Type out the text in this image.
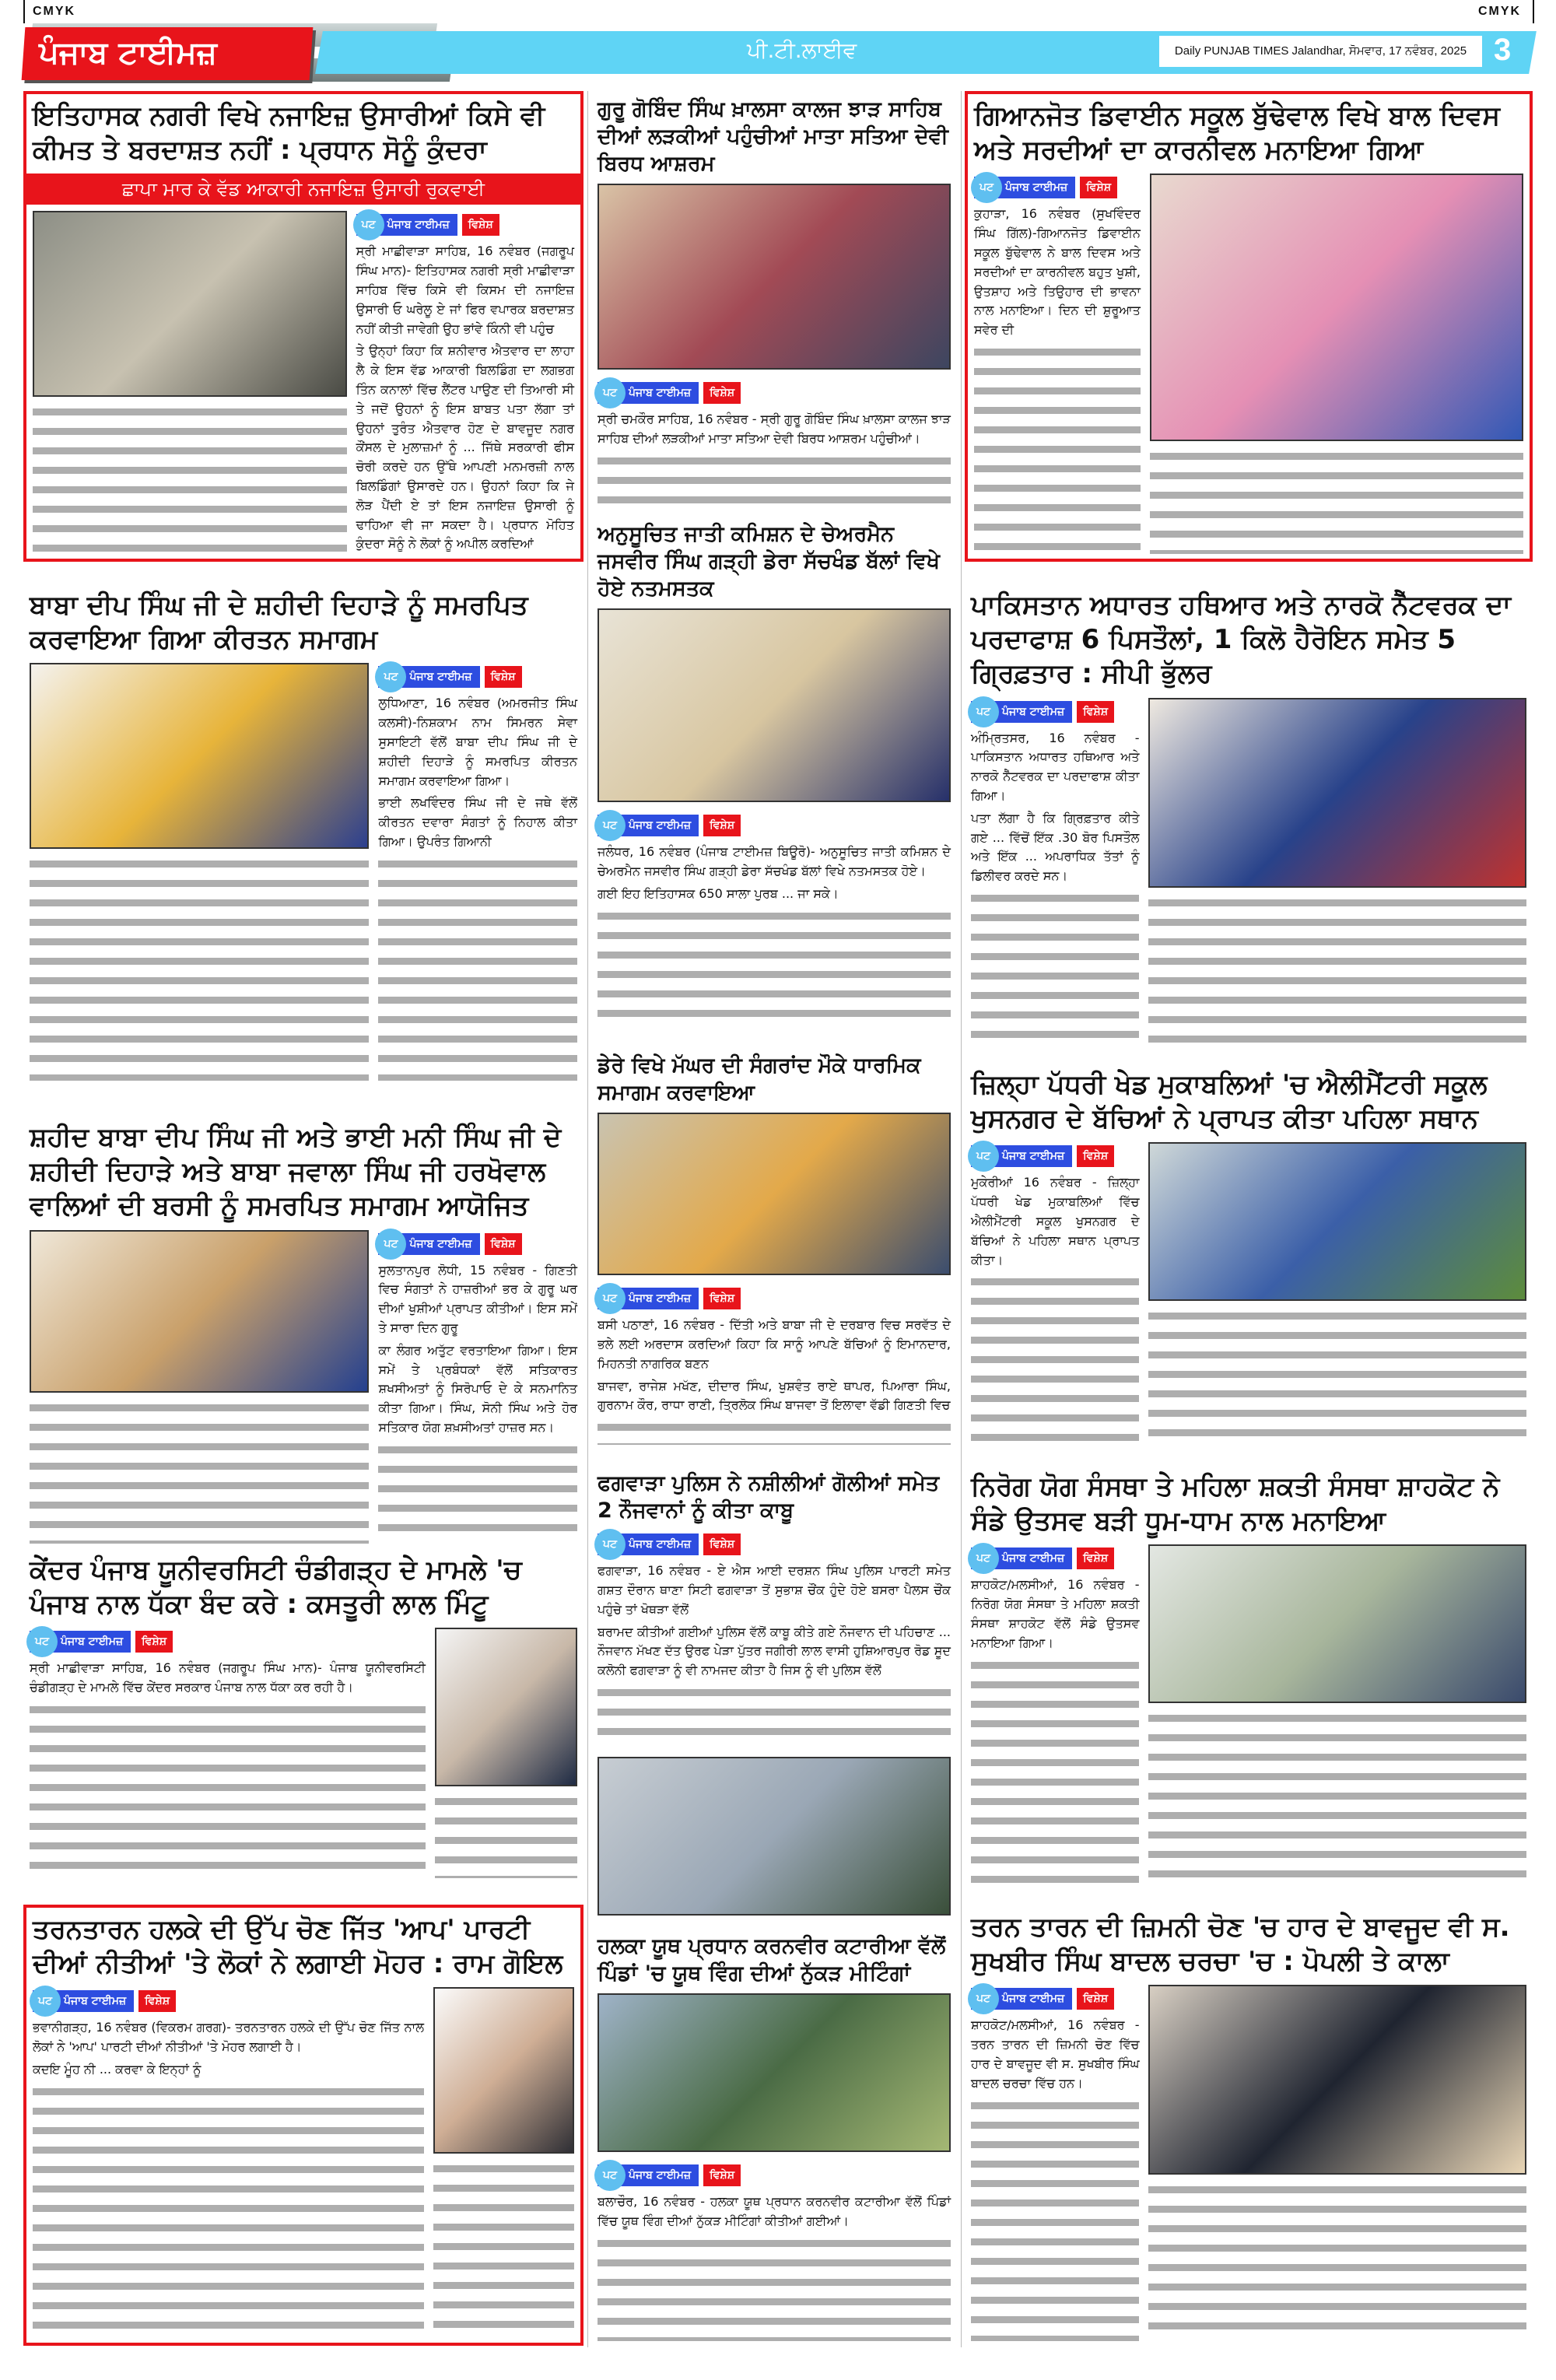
CMYK	CMYK
ਪੰਜਾਬ ਟਾਈਮਜ਼	ਪੀ.ਟੀ.ਲਾਈਵ	Daily PUNJAB TIMES Jalandhar, ਸੋਮਵਾਰ, 17 ਨਵੰਬਰ, 2025 3
ਇਤਿਹਾਸਕ ਨਗਰੀ ਵਿਖੇ ਨਜਾਇਜ਼ ਉਸਾਰੀਆਂ ਕਿਸੇ ਵੀ ਕੀਮਤ ਤੇ ਬਰਦਾਸ਼ਤ ਨਹੀਂ : ਪ੍ਰਧਾਨ ਸੋਨੂੰ ਕੁੰਦਰਾ
ਛਾਪਾ ਮਾਰ ਕੇ ਵੱਡ ਆਕਾਰੀ ਨਜਾਇਜ਼ ਉਸਾਰੀ ਰੁਕਵਾਈ
ਪਟ	ਪੰਜਾਬ ਟਾਈਮਜ਼	ਵਿਸ਼ੇਸ਼

ਸ੍ਰੀ ਮਾਛੀਵਾੜਾ ਸਾਹਿਬ, 16 ਨਵੰਬਰ (ਜਗਰੂਪ ਸਿੰਘ ਮਾਨ)- ਇਤਿਹਾਸਕ ਨਗਰੀ ਸ੍ਰੀ ਮਾਛੀਵਾੜਾ ਸਾਹਿਬ ਵਿੱਚ ਕਿਸੇ ਵੀ ਕਿਸਮ ਦੀ ਨਜਾਇਜ਼ ਉਸਾਰੀ ਓ ਘਰੇਲੂ ਏ ਜਾਂ ਫਿਰ ਵਪਾਰਕ ਬਰਦਾਸ਼ਤ ਨਹੀਂ ਕੀਤੀ ਜਾਵੇਗੀ ਉਹ ਭਾਂਵੇ ਕਿੰਨੀ ਵੀ ਪਹੁੰਚ

ਤੇ ਉਨ੍ਹਾਂ ਕਿਹਾ ਕਿ ਸ਼ਨੀਵਾਰ ਐਤਵਾਰ ਦਾ ਲਾਹਾ ਲੈ ਕੇ ਇਸ ਵੱਡ ਆਕਾਰੀ ਬਿਲਡਿੰਗ ਦਾ ਲਗਭਗ ਤਿੰਨ ਕਨਾਲਾਂ ਵਿੱਚ ਲੈਂਟਰ ਪਾਉਣ ਦੀ ਤਿਆਰੀ ਸੀ ਤੇ ਜਦੋਂ ਉਹਨਾਂ ਨੂੰ ਇਸ ਬਾਬਤ ਪਤਾ ਲੱਗਾ ਤਾਂ ਉਹਨਾਂ ਤੁਰੰਤ ਐਤਵਾਰ ਹੋਣ ਦੇ ਬਾਵਜੂਦ ਨਗਰ ਕੌਂਸਲ ਦੇ ਮੁਲਾਜ਼ਮਾਂ ਨੂੰ ... ਜਿੱਥੇ ਸਰਕਾਰੀ ਫੀਸ ਚੋਰੀ ਕਰਦੇ ਹਨ ਉੱਥੇ ਆਪਣੀ ਮਨਮਰਜ਼ੀ ਨਾਲ ਬਿਲਡਿੰਗਾਂ ਉਸਾਰਦੇ ਹਨ। ਉਹਨਾਂ ਕਿਹਾ ਕਿ ਜੇ ਲੋੜ ਪੈਂਦੀ ਏ ਤਾਂ ਇਸ ਨਜਾਇਜ਼ ਉਸਾਰੀ ਨੂੰ ਢਾਹਿਆ ਵੀ ਜਾ ਸਕਦਾ ਹੈ। ਪ੍ਰਧਾਨ ਮੋਹਿਤ ਕੁੰਦਰਾ ਸੋਨੂੰ ਨੇ ਲੋਕਾਂ ਨੂੰ ਅਪੀਲ ਕਰਦਿਆਂ

ਬਾਬਾ ਦੀਪ ਸਿੰਘ ਜੀ ਦੇ ਸ਼ਹੀਦੀ ਦਿਹਾੜੇ ਨੂੰ ਸਮਰਪਿਤ ਕਰਵਾਇਆ ਗਿਆ ਕੀਰਤਨ ਸਮਾਗਮ
ਪਟ	ਪੰਜਾਬ ਟਾਈਮਜ਼	ਵਿਸ਼ੇਸ਼

ਲੁਧਿਆਣਾ, 16 ਨਵੰਬਰ (ਅਮਰਜੀਤ ਸਿੰਘ ਕਲਸੀ)-ਨਿਸ਼ਕਾਮ ਨਾਮ ਸਿਮਰਨ ਸੇਵਾ ਸੁਸਾਇਟੀ ਵੱਲੋਂ ਬਾਬਾ ਦੀਪ ਸਿੰਘ ਜੀ ਦੇ ਸ਼ਹੀਦੀ ਦਿਹਾੜੇ ਨੂੰ ਸਮਰਪਿਤ ਕੀਰਤਨ ਸਮਾਗਮ ਕਰਵਾਇਆ ਗਿਆ।

ਭਾਈ ਲਖਵਿੰਦਰ ਸਿੰਘ ਜੀ ਦੇ ਜਥੇ ਵੱਲੋਂ ਕੀਰਤਨ ਦਵਾਰਾ ਸੰਗਤਾਂ ਨੂੰ ਨਿਹਾਲ ਕੀਤਾ ਗਿਆ। ਉਪਰੰਤ ਗਿਆਨੀ

ਸ਼ਹੀਦ ਬਾਬਾ ਦੀਪ ਸਿੰਘ ਜੀ ਅਤੇ ਭਾਈ ਮਨੀ ਸਿੰਘ ਜੀ ਦੇ ਸ਼ਹੀਦੀ ਦਿਹਾੜੇ ਅਤੇ ਬਾਬਾ ਜਵਾਲਾ ਸਿੰਘ ਜੀ ਹਰਖੋਵਾਲ ਵਾਲਿਆਂ ਦੀ ਬਰਸੀ ਨੂੰ ਸਮਰਪਿਤ ਸਮਾਗਮ ਆਯੋਜਿਤ
ਪਟ	ਪੰਜਾਬ ਟਾਈਮਜ਼	ਵਿਸ਼ੇਸ਼

ਸੁਲਤਾਨਪੁਰ ਲੋਧੀ, 15 ਨਵੰਬਰ - ਗਿਣਤੀ ਵਿਚ ਸੰਗਤਾਂ ਨੇ ਹਾਜ਼ਰੀਆਂ ਭਰ ਕੇ ਗੁਰੂ ਘਰ ਦੀਆਂ ਖੁਸ਼ੀਆਂ ਪ੍ਰਾਪਤ ਕੀਤੀਆਂ। ਇਸ ਸਮੇਂ ਤੇ ਸਾਰਾ ਦਿਨ ਗੁਰੂ

ਕਾ ਲੰਗਰ ਅਤੁੱਟ ਵਰਤਾਇਆ ਗਿਆ। ਇਸ ਸਮੇਂ ਤੇ ਪ੍ਰਬੰਧਕਾਂ ਵੱਲੋਂ ਸਤਿਕਾਰਤ ਸ਼ਖਸੀਅਤਾਂ ਨੂੰ ਸਿਰੋਪਾਓ ਦੇ ਕੇ ਸਨਮਾਨਿਤ ਕੀਤਾ ਗਿਆ। ਸਿੰਘ, ਸੋਨੀ ਸਿੰਘ ਅਤੇ ਹੋਰ ਸਤਿਕਾਰ ਯੋਗ ਸ਼ਖ਼ਸੀਅਤਾਂ ਹਾਜ਼ਰ ਸਨ।

ਕੇਂਦਰ ਪੰਜਾਬ ਯੂਨੀਵਰਸਿਟੀ ਚੰਡੀਗੜ੍ਹ ਦੇ ਮਾਮਲੇ 'ਚ ਪੰਜਾਬ ਨਾਲ ਧੱਕਾ ਬੰਦ ਕਰੇ : ਕਸਤੂਰੀ ਲਾਲ ਮਿੰਟੂ
ਪਟ	ਪੰਜਾਬ ਟਾਈਮਜ਼	ਵਿਸ਼ੇਸ਼

ਸ੍ਰੀ ਮਾਛੀਵਾੜਾ ਸਾਹਿਬ, 16 ਨਵੰਬਰ (ਜਗਰੂਪ ਸਿੰਘ ਮਾਨ)- ਪੰਜਾਬ ਯੂਨੀਵਰਸਿਟੀ ਚੰਡੀਗੜ੍ਹ ਦੇ ਮਾਮਲੇ ਵਿੱਚ ਕੇਂਦਰ ਸਰਕਾਰ ਪੰਜਾਬ ਨਾਲ ਧੱਕਾ ਕਰ ਰਹੀ ਹੈ।

ਤਰਨਤਾਰਨ ਹਲਕੇ ਦੀ ਉੱਪ ਚੋਣ ਜਿੱਤ 'ਆਪ' ਪਾਰਟੀ ਦੀਆਂ ਨੀਤੀਆਂ 'ਤੇ ਲੋਕਾਂ ਨੇ ਲਗਾਈ ਮੋਹਰ : ਰਾਮ ਗੋਇਲ
ਪਟ	ਪੰਜਾਬ ਟਾਈਮਜ਼	ਵਿਸ਼ੇਸ਼

ਭਵਾਨੀਗੜ੍ਹ, 16 ਨਵੰਬਰ (ਵਿਕਰਮ ਗਰਗ)- ਤਰਨਤਾਰਨ ਹਲਕੇ ਦੀ ਉੱਪ ਚੋਣ ਜਿੱਤ ਨਾਲ ਲੋਕਾਂ ਨੇ 'ਆਪ' ਪਾਰਟੀ ਦੀਆਂ ਨੀਤੀਆਂ 'ਤੇ ਮੋਹਰ ਲਗਾਈ ਹੈ।

ਕਦਇ ਮੂੰਹ ਨੀ ... ਕਰਵਾ ਕੇ ਇਨ੍ਹਾਂ ਨੂੰ

ਗੁਰੂ ਗੋਬਿੰਦ ਸਿੰਘ ਖ਼ਾਲਸਾ ਕਾਲਜ ਝਾੜ ਸਾਹਿਬ ਦੀਆਂ ਲੜਕੀਆਂ ਪਹੁੰਚੀਆਂ ਮਾਤਾ ਸਤਿਆ ਦੇਵੀ ਬਿਰਧ ਆਸ਼ਰਮ
ਪਟ	ਪੰਜਾਬ ਟਾਈਮਜ਼	ਵਿਸ਼ੇਸ਼

ਸ੍ਰੀ ਚਮਕੌਰ ਸਾਹਿਬ, 16 ਨਵੰਬਰ - ਸ੍ਰੀ ਗੁਰੂ ਗੋਬਿੰਦ ਸਿੰਘ ਖ਼ਾਲਸਾ ਕਾਲਜ ਝਾੜ ਸਾਹਿਬ ਦੀਆਂ ਲੜਕੀਆਂ ਮਾਤਾ ਸਤਿਆ ਦੇਵੀ ਬਿਰਧ ਆਸ਼ਰਮ ਪਹੁੰਚੀਆਂ।

ਅਨੁਸੂਚਿਤ ਜਾਤੀ ਕਮਿਸ਼ਨ ਦੇ ਚੇਅਰਮੈਨ ਜਸਵੀਰ ਸਿੰਘ ਗੜ੍ਹੀ ਡੇਰਾ ਸੱਚਖੰਡ ਬੱਲਾਂ ਵਿਖੇ ਹੋਏ ਨਤਮਸਤਕ
ਪਟ	ਪੰਜਾਬ ਟਾਈਮਜ਼	ਵਿਸ਼ੇਸ਼

ਜਲੰਧਰ, 16 ਨਵੰਬਰ (ਪੰਜਾਬ ਟਾਈਮਜ਼ ਬਿਊਰੋ)- ਅਨੁਸੂਚਿਤ ਜਾਤੀ ਕਮਿਸ਼ਨ ਦੇ ਚੇਅਰਮੈਨ ਜਸਵੀਰ ਸਿੰਘ ਗੜ੍ਹੀ ਡੇਰਾ ਸੱਚਖੰਡ ਬੱਲਾਂ ਵਿਖੇ ਨਤਮਸਤਕ ਹੋਏ।

ਗਈ ਇਹ ਇਤਿਹਾਸਕ 650 ਸਾਲਾ ਪੁਰਬ ... ਜਾ ਸਕੇ।

ਡੇਰੇ ਵਿਖੇ ਮੱਘਰ ਦੀ ਸੰਗਰਾਂਦ ਮੌਕੇ ਧਾਰਮਿਕ ਸਮਾਗਮ ਕਰਵਾਇਆ
ਪਟ	ਪੰਜਾਬ ਟਾਈਮਜ਼	ਵਿਸ਼ੇਸ਼

ਬਸੀ ਪਠਾਣਾਂ, 16 ਨਵੰਬਰ - ਦਿੱਤੀ ਅਤੇ ਬਾਬਾ ਜੀ ਦੇ ਦਰਬਾਰ ਵਿਚ ਸਰਵੱਤ ਦੇ ਭਲੇ ਲਈ ਅਰਦਾਸ ਕਰਦਿਆਂ ਕਿਹਾ ਕਿ ਸਾਨੂੰ ਆਪਣੇ ਬੱਚਿਆਂ ਨੂੰ ਇਮਾਨਦਾਰ, ਮਿਹਨਤੀ ਨਾਗਰਿਕ ਬਣਨ

ਬਾਜਵਾ, ਰਾਜੇਸ਼ ਮਖੱਣ, ਦੀਦਾਰ ਸਿੰਘ, ਖੁਸ਼ਵੰਤ ਰਾਏ ਥਾਪਰ, ਪਿਆਰਾ ਸਿੰਘ, ਗੁਰਨਾਮ ਕੌਰ, ਰਾਧਾ ਰਾਣੀ, ਤ੍ਰਿਲੋਕ ਸਿੰਘ ਬਾਜਵਾ ਤੋਂ ਇਲਾਵਾ ਵੱਡੀ ਗਿਣਤੀ ਵਿਚ

ਫਗਵਾੜਾ ਪੁਲਿਸ ਨੇ ਨਸ਼ੀਲੀਆਂ ਗੋਲੀਆਂ ਸਮੇਤ 2 ਨੌਜਵਾਨਾਂ ਨੂੰ ਕੀਤਾ ਕਾਬੂ
ਪਟ	ਪੰਜਾਬ ਟਾਈਮਜ਼	ਵਿਸ਼ੇਸ਼

ਫਗਵਾੜਾ, 16 ਨਵੰਬਰ - ਏ ਐਸ ਆਈ ਦਰਸ਼ਨ ਸਿੰਘ ਪੁਲਿਸ ਪਾਰਟੀ ਸਮੇਤ ਗਸ਼ਤ ਦੌਰਾਨ ਥਾਣਾ ਸਿਟੀ ਫਗਵਾੜਾ ਤੋਂ ਸੁਭਾਸ਼ ਚੌਂਕ ਹੁੰਦੇ ਹੋਏ ਬਸਰਾ ਪੈਲਸ ਚੌਂਕ ਪਹੁੰਚੇ ਤਾਂ ਖੋਥੜਾ ਵੱਲੋਂ

ਬਰਾਮਦ ਕੀਤੀਆਂ ਗਈਆਂ ਪੁਲਿਸ ਵੱਲੋਂ ਕਾਬੂ ਕੀਤੇ ਗਏ ਨੌਜਵਾਨ ਦੀ ਪਹਿਚਾਣ ... ਨੌਜਵਾਨ ਮੱਖਣ ਦੱਤ ਉਰਫ ਪੇੜਾ ਪੁੱਤਰ ਜਗੀਰੀ ਲਾਲ ਵਾਸੀ ਹੁਸ਼ਿਆਰਪੁਰ ਰੋਡ ਸੂਦ ਕਲੋਨੀ ਫਗਵਾੜਾ ਨੂੰ ਵੀ ਨਾਮਜਦ ਕੀਤਾ ਹੈ ਜਿਸ ਨੂੰ ਵੀ ਪੁਲਿਸ ਵੱਲੋਂ

ਹਲਕਾ ਯੂਥ ਪ੍ਰਧਾਨ ਕਰਨਵੀਰ ਕਟਾਰੀਆ ਵੱਲੋਂ ਪਿੰਡਾਂ 'ਚ ਯੂਥ ਵਿੰਗ ਦੀਆਂ ਨੁੱਕੜ ਮੀਟਿੰਗਾਂ
ਪਟ	ਪੰਜਾਬ ਟਾਈਮਜ਼	ਵਿਸ਼ੇਸ਼

ਬਲਾਚੌਰ, 16 ਨਵੰਬਰ - ਹਲਕਾ ਯੂਥ ਪ੍ਰਧਾਨ ਕਰਨਵੀਰ ਕਟਾਰੀਆ ਵੱਲੋਂ ਪਿੰਡਾਂ ਵਿੱਚ ਯੂਥ ਵਿੰਗ ਦੀਆਂ ਨੁੱਕੜ ਮੀਟਿੰਗਾਂ ਕੀਤੀਆਂ ਗਈਆਂ।

ਗਿਆਨਜੋਤ ਡਿਵਾਈਨ ਸਕੂਲ ਬੁੱਢੇਵਾਲ ਵਿਖੇ ਬਾਲ ਦਿਵਸ ਅਤੇ ਸਰਦੀਆਂ ਦਾ ਕਾਰਨੀਵਲ ਮਨਾਇਆ ਗਿਆ
ਪਟ	ਪੰਜਾਬ ਟਾਈਮਜ਼	ਵਿਸ਼ੇਸ਼

ਕੁਹਾੜਾ, 16 ਨਵੰਬਰ (ਸੁਖਵਿੰਦਰ ਸਿੰਘ ਗਿੱਲ)-ਗਿਆਨਜੋਤ ਡਿਵਾਈਨ ਸਕੂਲ ਬੁੱਢੇਵਾਲ ਨੇ ਬਾਲ ਦਿਵਸ ਅਤੇ ਸਰਦੀਆਂ ਦਾ ਕਾਰਨੀਵਲ ਬਹੁਤ ਖੁਸ਼ੀ, ਉਤਸ਼ਾਹ ਅਤੇ ਤਿਉਹਾਰ ਦੀ ਭਾਵਨਾ ਨਾਲ ਮਨਾਇਆ। ਦਿਨ ਦੀ ਸ਼ੁਰੂਆਤ ਸਵੇਰ ਦੀ

ਪਾਕਿਸਤਾਨ ਅਧਾਰਤ ਹਥਿਆਰ ਅਤੇ ਨਾਰਕੋ ਨੈੱਟਵਰਕ ਦਾ ਪਰਦਾਫਾਸ਼ 6 ਪਿਸਤੌਲਾਂ, 1 ਕਿਲੋ ਹੈਰੋਇਨ ਸਮੇਤ 5 ਗ੍ਰਿਫ਼ਤਾਰ : ਸੀਪੀ ਭੁੱਲਰ
ਪਟ	ਪੰਜਾਬ ਟਾਈਮਜ਼	ਵਿਸ਼ੇਸ਼

ਅੰਮ੍ਰਿਤਸਰ, 16 ਨਵੰਬਰ - ਪਾਕਿਸਤਾਨ ਅਧਾਰਤ ਹਥਿਆਰ ਅਤੇ ਨਾਰਕੋ ਨੈੱਟਵਰਕ ਦਾ ਪਰਦਾਫਾਸ਼ ਕੀਤਾ ਗਿਆ।

ਪਤਾ ਲੱਗਾ ਹੈ ਕਿ ਗ੍ਰਿਫ਼ਤਾਰ ਕੀਤੇ ਗਏ ... ਵਿੱਚੋਂ ਇੱਕ .30 ਬੋਰ ਪਿਸਤੌਲ ਅਤੇ ਇੱਕ ... ਅਪਰਾਧਿਕ ਤੱਤਾਂ ਨੂੰ ਡਿਲੀਵਰ ਕਰਦੇ ਸਨ।

ਜ਼ਿਲ੍ਹਾ ਪੱਧਰੀ ਖੇਡ ਮੁਕਾਬਲਿਆਂ 'ਚ ਐਲੀਮੈਂਟਰੀ ਸਕੂਲ ਖੁਸਨਗਰ ਦੇ ਬੱਚਿਆਂ ਨੇ ਪ੍ਰਾਪਤ ਕੀਤਾ ਪਹਿਲਾ ਸਥਾਨ
ਪਟ	ਪੰਜਾਬ ਟਾਈਮਜ਼	ਵਿਸ਼ੇਸ਼

ਮੁਕੇਰੀਆਂ 16 ਨਵੰਬਰ - ਜ਼ਿਲ੍ਹਾ ਪੱਧਰੀ ਖੇਡ ਮੁਕਾਬਲਿਆਂ ਵਿੱਚ ਐਲੀਮੈਂਟਰੀ ਸਕੂਲ ਖੁਸਨਗਰ ਦੇ ਬੱਚਿਆਂ ਨੇ ਪਹਿਲਾ ਸਥਾਨ ਪ੍ਰਾਪਤ ਕੀਤਾ।

ਨਿਰੋਗ ਯੋਗ ਸੰਸਥਾ ਤੇ ਮਹਿਲਾ ਸ਼ਕਤੀ ਸੰਸਥਾ ਸ਼ਾਹਕੋਟ ਨੇ ਸੰਡੇ ਉਤਸਵ ਬੜੀ ਧੂਮ-ਧਾਮ ਨਾਲ ਮਨਾਇਆ
ਪਟ	ਪੰਜਾਬ ਟਾਈਮਜ਼	ਵਿਸ਼ੇਸ਼

ਸ਼ਾਹਕੋਟ/ਮਲਸੀਆਂ, 16 ਨਵੰਬਰ - ਨਿਰੋਗ ਯੋਗ ਸੰਸਥਾ ਤੇ ਮਹਿਲਾ ਸ਼ਕਤੀ ਸੰਸਥਾ ਸ਼ਾਹਕੋਟ ਵੱਲੋਂ ਸੰਡੇ ਉਤਸਵ ਮਨਾਇਆ ਗਿਆ।

ਤਰਨ ਤਾਰਨ ਦੀ ਜ਼ਿਮਨੀ ਚੋਣ 'ਚ ਹਾਰ ਦੇ ਬਾਵਜੂਦ ਵੀ ਸ. ਸੁਖਬੀਰ ਸਿੰਘ ਬਾਦਲ ਚਰਚਾ 'ਚ : ਪੋਪਲੀ ਤੇ ਕਾਲਾ
ਪਟ	ਪੰਜਾਬ ਟਾਈਮਜ਼	ਵਿਸ਼ੇਸ਼

ਸ਼ਾਹਕੋਟ/ਮਲਸੀਆਂ, 16 ਨਵੰਬਰ - ਤਰਨ ਤਾਰਨ ਦੀ ਜ਼ਿਮਨੀ ਚੋਣ ਵਿੱਚ ਹਾਰ ਦੇ ਬਾਵਜੂਦ ਵੀ ਸ. ਸੁਖਬੀਰ ਸਿੰਘ ਬਾਦਲ ਚਰਚਾ ਵਿੱਚ ਹਨ।
